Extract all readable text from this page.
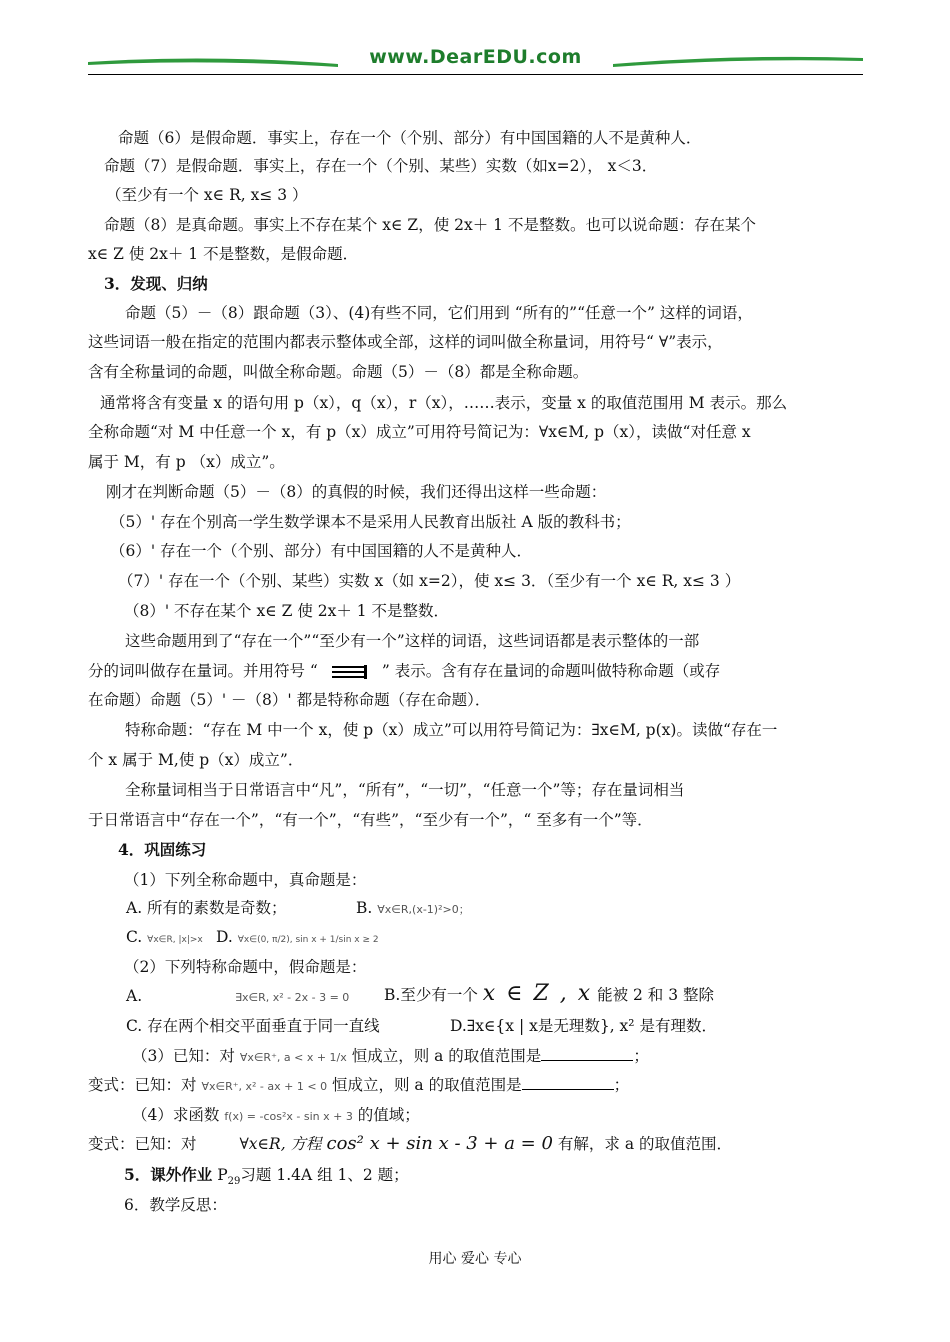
www.DearEDU.com
命题（6）是假命题．事实上，存在一个（个别、部分）有中国国籍的人不是黄种人．
命题（7）是假命题．事实上，存在一个（个别、某些）实数（如x=2）， x＜3．
（至少有一个 x∈ R, x≤ 3 ）
命题（8）是真命题。事实上不存在某个 x∈ Z，使 2x＋ 1 不是整数。也可以说命题：存在某个
x∈ Z 使 2x＋ 1 不是整数，是假命题．
3．发现、归纳
命题（5）－（8）跟命题（3）、(4)有些不同，它们用到 “所有的”“任意一个” 这样的词语，
这些词语一般在指定的范围内都表示整体或全部，这样的词叫做全称量词，用符号“ ∀”表示，
含有全称量词的命题，叫做全称命题。命题（5）－（8）都是全称命题。
通常将含有变量 x 的语句用 p（x），q（x），r（x），……表示，变量 x 的取值范围用 M 表示。那么
全称命题“对 M 中任意一个 x，有 p（x）成立”可用符号简记为：∀x∈M, p（x），读做“对任意 x
属于 M，有 p （x）成立”。
刚才在判断命题（5）－（8）的真假的时候，我们还得出这样一些命题：
（5）' 存在个别高一学生数学课本不是采用人民教育出版社 A 版的教科书；
（6）' 存在一个（个别、部分）有中国国籍的人不是黄种人．
（7）' 存在一个（个别、某些）实数 x（如 x=2），使 x≤ 3．（至少有一个 x∈ R, x≤ 3 ）
（8）' 不存在某个 x∈ Z 使 2x＋ 1 不是整数．
这些命题用到了“存在一个”“至少有一个”这样的词语，这些词语都是表示整体的一部
分的词叫做存在量词。并用符号 “	” 表示。含有存在量词的命题叫做特称命题（或存
在命题）命题（5）' －（8）' 都是特称命题（存在命题）．
特称命题：“存在 M 中一个 x，使 p（x）成立”可以用符号简记为：∃x∈M, p(x)。读做“存在一
个 x 属于 M,使 p（x）成立”．
全称量词相当于日常语言中“凡”，“所有”，“一切”，“任意一个”等；存在量词相当
于日常语言中“存在一个”，“有一个”，“有些”，“至少有一个”，“ 至多有一个”等．
4．巩固练习
（1）下列全称命题中，真命题是：
A. 所有的素数是奇数；	B. ∀x∈R,(x-1)²>0；
C. ∀x∈R, |x|>x D. ∀x∈(0, π/2), sin x + 1/sin x ≥ 2
（2）下列特称命题中，假命题是：
A.	∃x∈R, x² - 2x - 3 = 0	B.至少有一个 x ∈ Z , x 能被 2 和 3 整除
C. 存在两个相交平面垂直于同一直线	D.∃x∈{x | x是无理数}, x² 是有理数．
（3）已知：对 ∀x∈R⁺, a < x + 1/x 恒成立，则 a 的取值范围是	；
变式：已知：对 ∀x∈R⁺, x² - ax + 1 < 0 恒成立，则 a 的取值范围是	；
（4）求函数 f(x) = -cos²x - sin x + 3 的值域；
变式：已知：对	∀x∈R, 方程 cos² x + sin x - 3 + a = 0 有解，求 a 的取值范围．
5．课外作业 $P_{29}$习题 1.4A 组 1、2 题；
6．教学反思：
用心 爱心 专心
